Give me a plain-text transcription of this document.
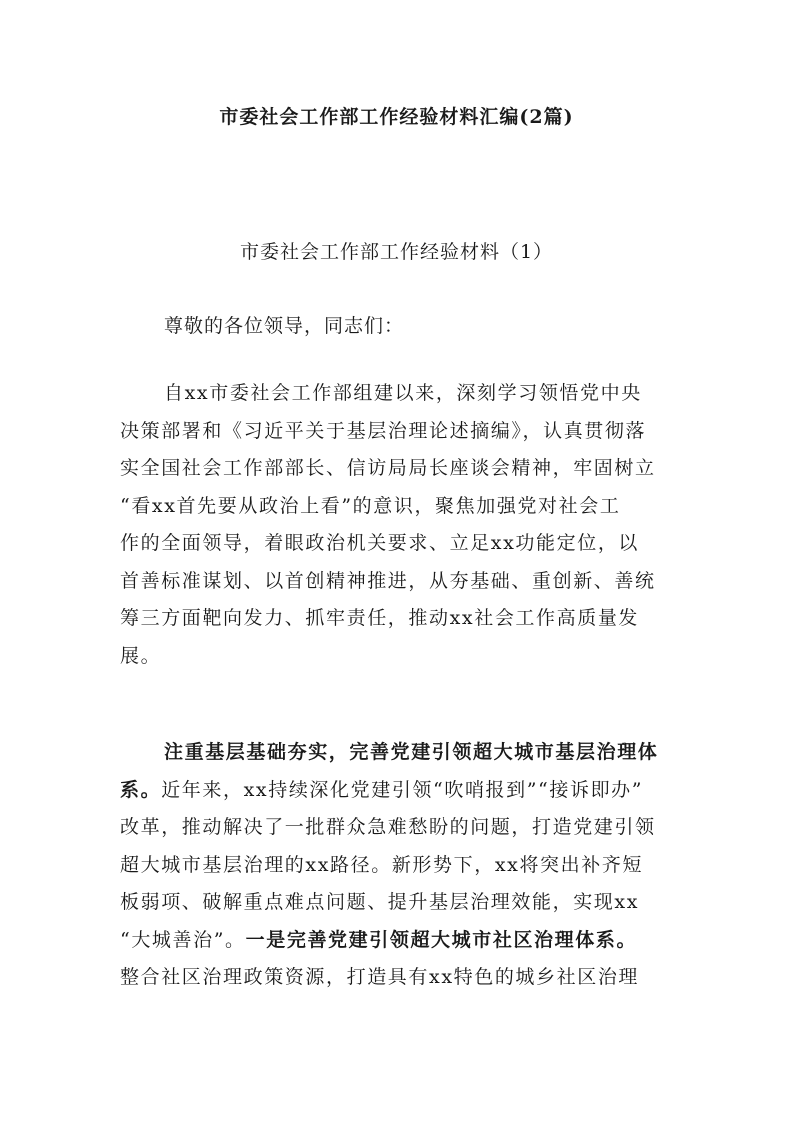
市委社会工作部工作经验材料汇编(2篇)
市委社会工作部工作经验材料（1）
尊敬的各位领导，同志们：
自xx市委社会工作部组建以来，深刻学习领悟党中央
决策部署和《习近平关于基层治理论述摘编》，认真贯彻落
实全国社会工作部部长、信访局局长座谈会精神，牢固树立
“看xx首先要从政治上看”的意识，聚焦加强党对社会工
作的全面领导，着眼政治机关要求、立足xx功能定位，以
首善标准谋划、以首创精神推进，从夯基础、重创新、善统
筹三方面靶向发力、抓牢责任，推动xx社会工作高质量发
展。
注重基层基础夯实，完善党建引领超大城市基层治理体
系。近年来，xx持续深化党建引领“吹哨报到”“接诉即办”
改革，推动解决了一批群众急难愁盼的问题，打造党建引领
超大城市基层治理的xx路径。新形势下，xx将突出补齐短
板弱项、破解重点难点问题、提升基层治理效能，实现xx
“大城善治”。一是完善党建引领超大城市社区治理体系。
整合社区治理政策资源，打造具有xx特色的城乡社区治理
